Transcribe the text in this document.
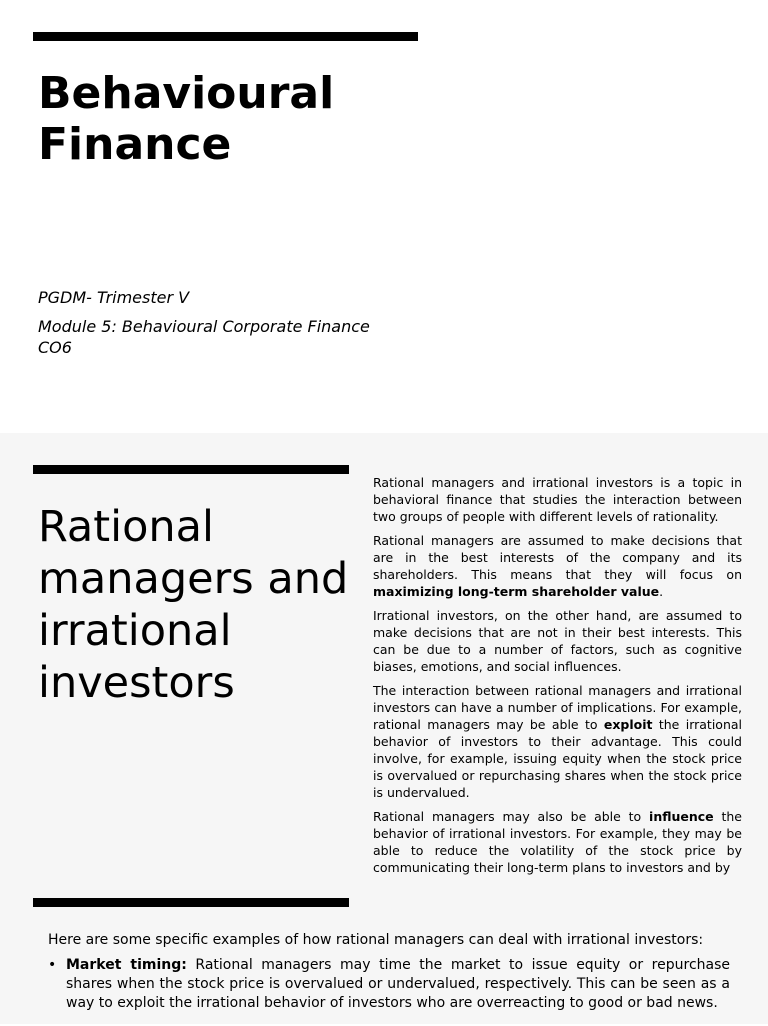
Behavioural Finance

PGDM- Trimester V

Module 5: Behavioural Corporate Finance
CO6

Rational managers and irrational investors

Rational managers and irrational investors is a topic in behavioral finance that studies the interaction between two groups of people with different levels of rationality.

Rational managers are assumed to make decisions that are in the best interests of the company and its shareholders. This means that they will focus on maximizing long-term shareholder value.

Irrational investors, on the other hand, are assumed to make decisions that are not in their best interests. This can be due to a number of factors, such as cognitive biases, emotions, and social influences.

The interaction between rational managers and irrational investors can have a number of implications. For example, rational managers may be able to exploit the irrational behavior of investors to their advantage. This could involve, for example, issuing equity when the stock price is overvalued or repurchasing shares when the stock price is undervalued.

Rational managers may also be able to influence the behavior of irrational investors. For example, they may be able to reduce the volatility of the stock price by communicating their long-term plans to investors and by

Here are some specific examples of how rational managers can deal with irrational investors:

• Market timing: Rational managers may time the market to issue equity or repurchase shares when the stock price is overvalued or undervalued, respectively. This can be seen as a way to exploit the irrational behavior of investors who are overreacting to good or bad news.
